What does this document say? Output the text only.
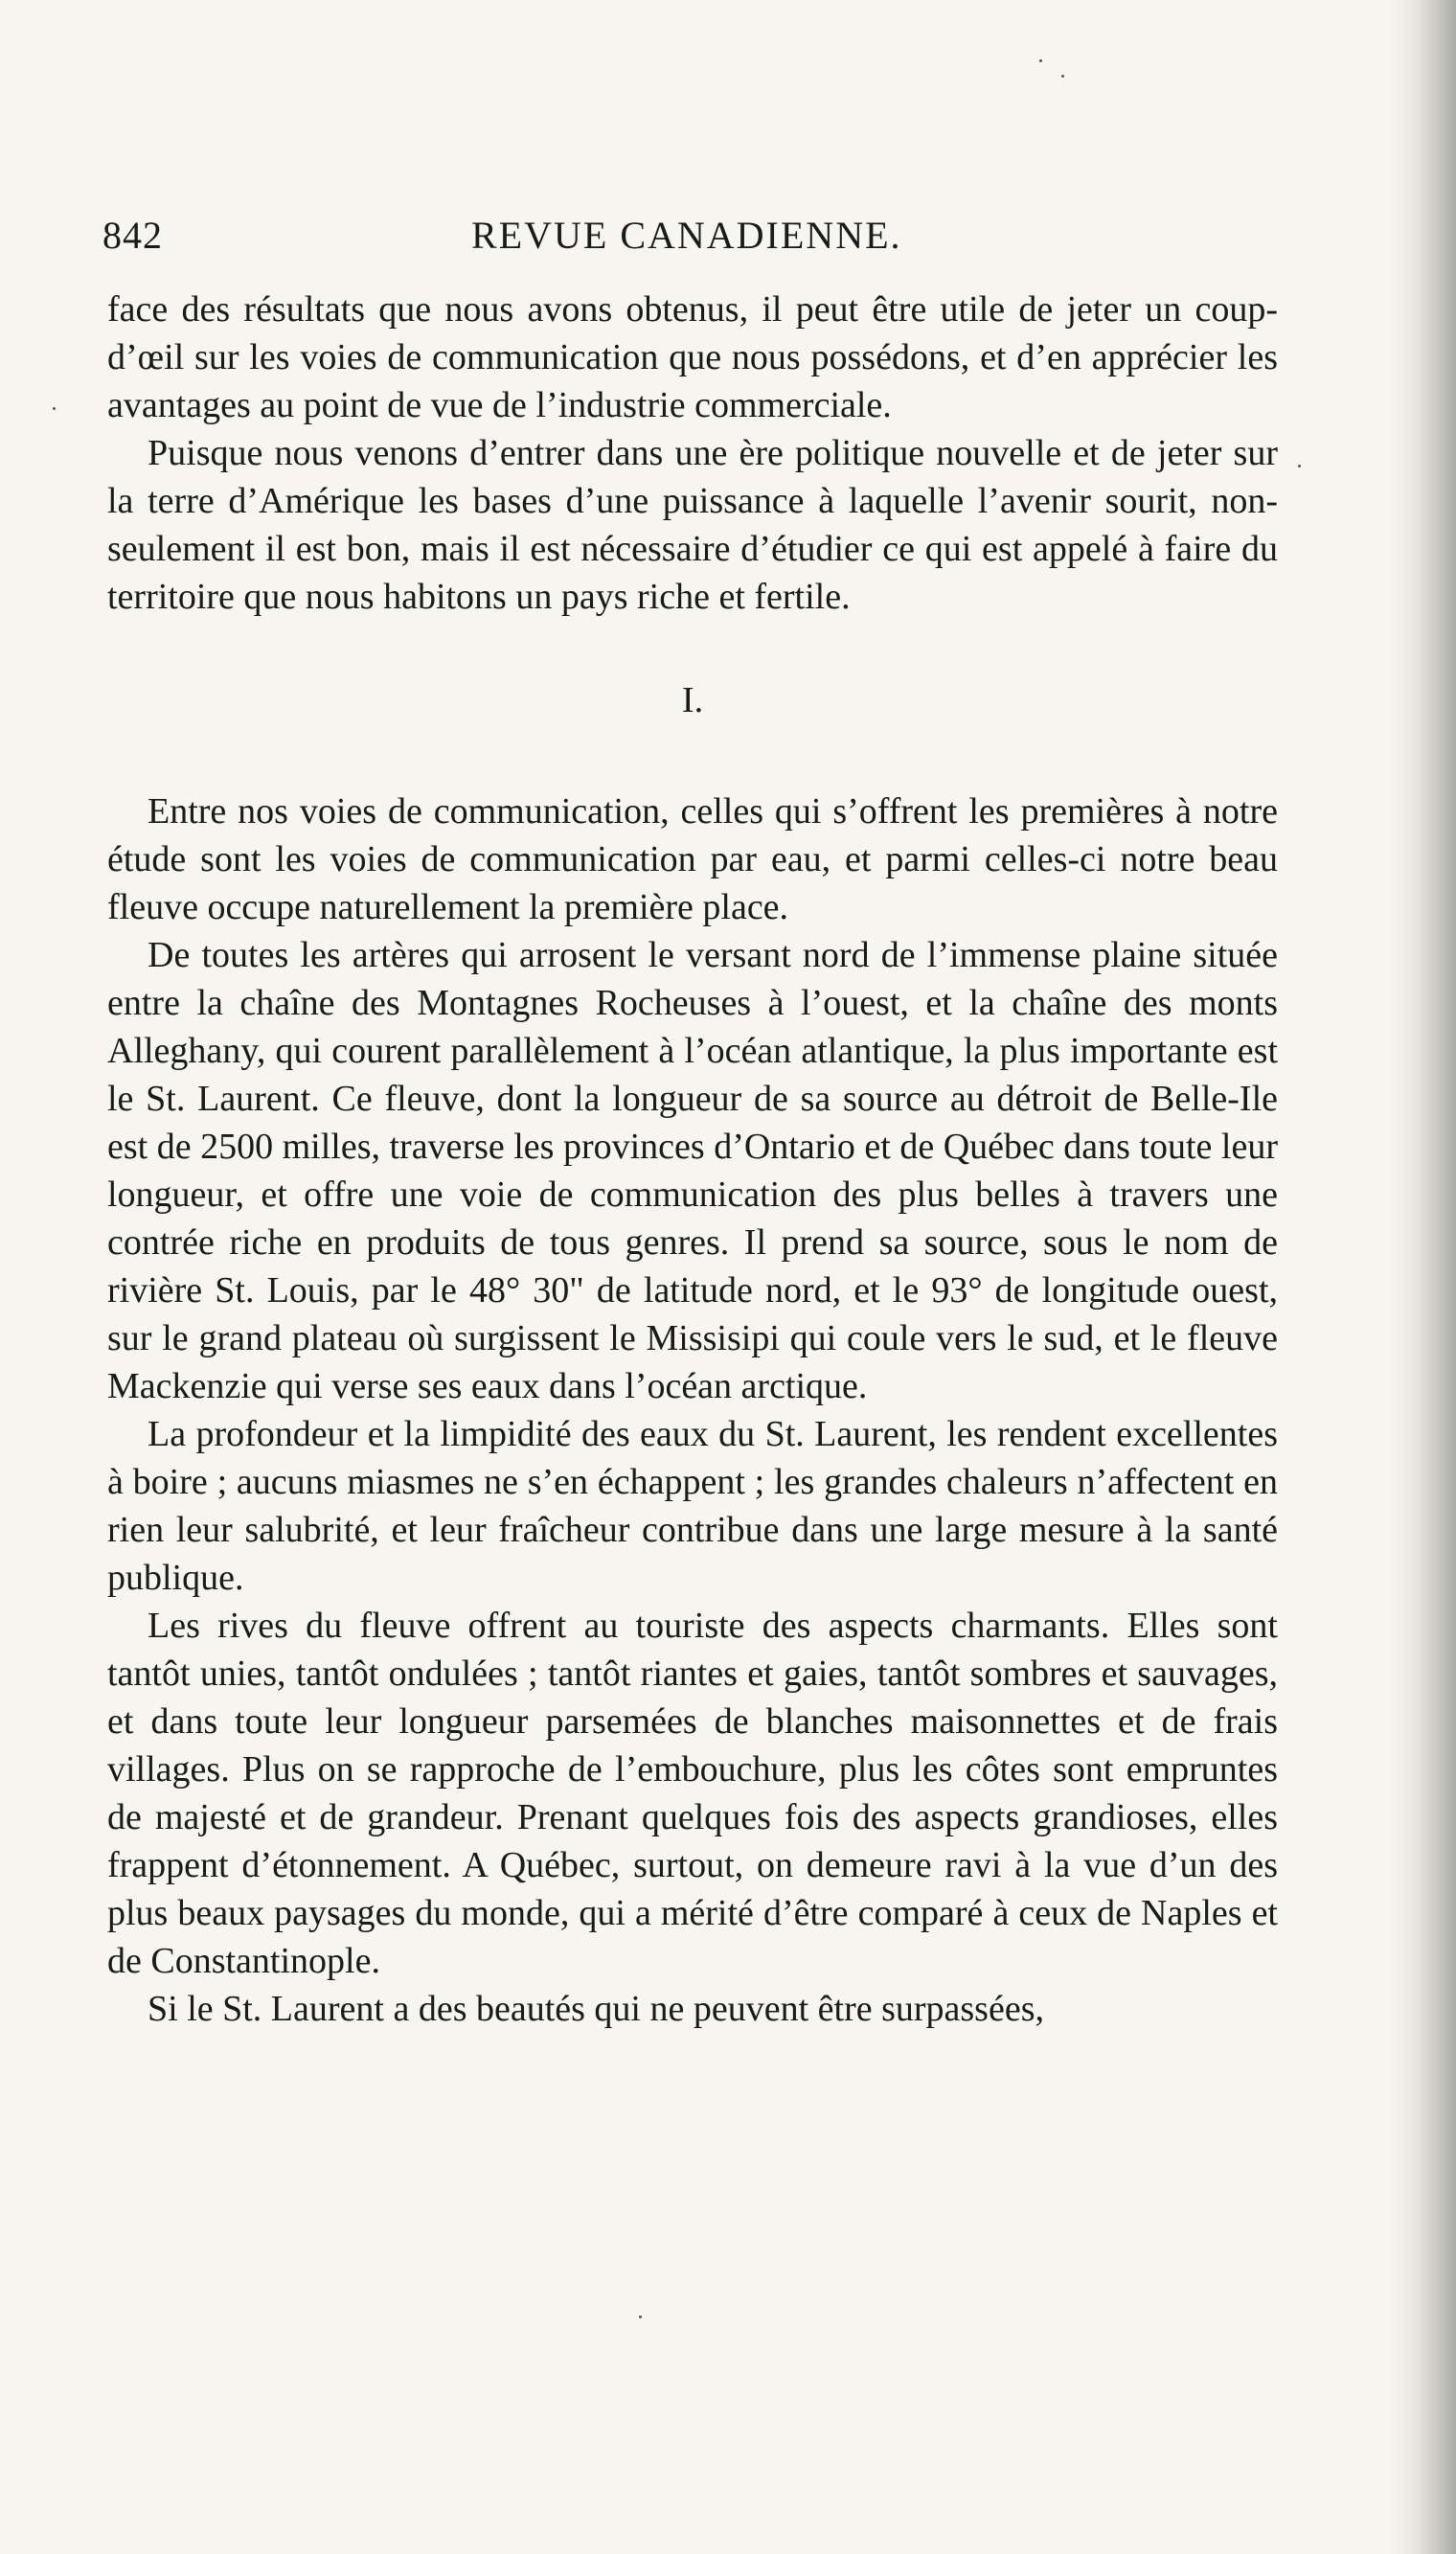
842	REVUE CANADIENNE.

face des résultats que nous avons obtenus, il peut être utile de jeter un coup-d’œil sur les voies de communication que nous possédons, et d’en apprécier les avantages au point de vue de l’industrie commerciale.

Puisque nous venons d’entrer dans une ère politique nouvelle et de jeter sur la terre d’Amérique les bases d’une puissance à laquelle l’avenir sourit, non-seulement il est bon, mais il est nécessaire d’étudier ce qui est appelé à faire du territoire que nous habitons un pays riche et fertile.

I.

Entre nos voies de communication, celles qui s’offrent les premières à notre étude sont les voies de communication par eau, et parmi celles-ci notre beau fleuve occupe naturellement la première place.

De toutes les artères qui arrosent le versant nord de l’immense plaine située entre la chaîne des Montagnes Rocheuses à l’ouest, et la chaîne des monts Alleghany, qui courent parallèlement à l’océan atlantique, la plus importante est le St. Laurent. Ce fleuve, dont la longueur de sa source au détroit de Belle-Ile est de 2500 milles, traverse les provinces d’Ontario et de Québec dans toute leur longueur, et offre une voie de communication des plus belles à travers une contrée riche en produits de tous genres. Il prend sa source, sous le nom de rivière St. Louis, par le 48° 30" de latitude nord, et le 93° de longitude ouest, sur le grand plateau où surgissent le Missisipi qui coule vers le sud, et le fleuve Mackenzie qui verse ses eaux dans l’océan arctique.

La profondeur et la limpidité des eaux du St. Laurent, les rendent excellentes à boire ; aucuns miasmes ne s’en échappent ; les grandes chaleurs n’affectent en rien leur salubrité, et leur fraîcheur contribue dans une large mesure à la santé publique.

Les rives du fleuve offrent au touriste des aspects charmants. Elles sont tantôt unies, tantôt ondulées ; tantôt riantes et gaies, tantôt sombres et sauvages, et dans toute leur longueur parsemées de blanches maisonnettes et de frais villages. Plus on se rapproche de l’embouchure, plus les côtes sont empruntes de majesté et de grandeur. Prenant quelques fois des aspects grandioses, elles frappent d’étonnement. A Québec, surtout, on demeure ravi à la vue d’un des plus beaux paysages du monde, qui a mérité d’être comparé à ceux de Naples et de Constantinople.

Si le St. Laurent a des beautés qui ne peuvent être surpassées,
